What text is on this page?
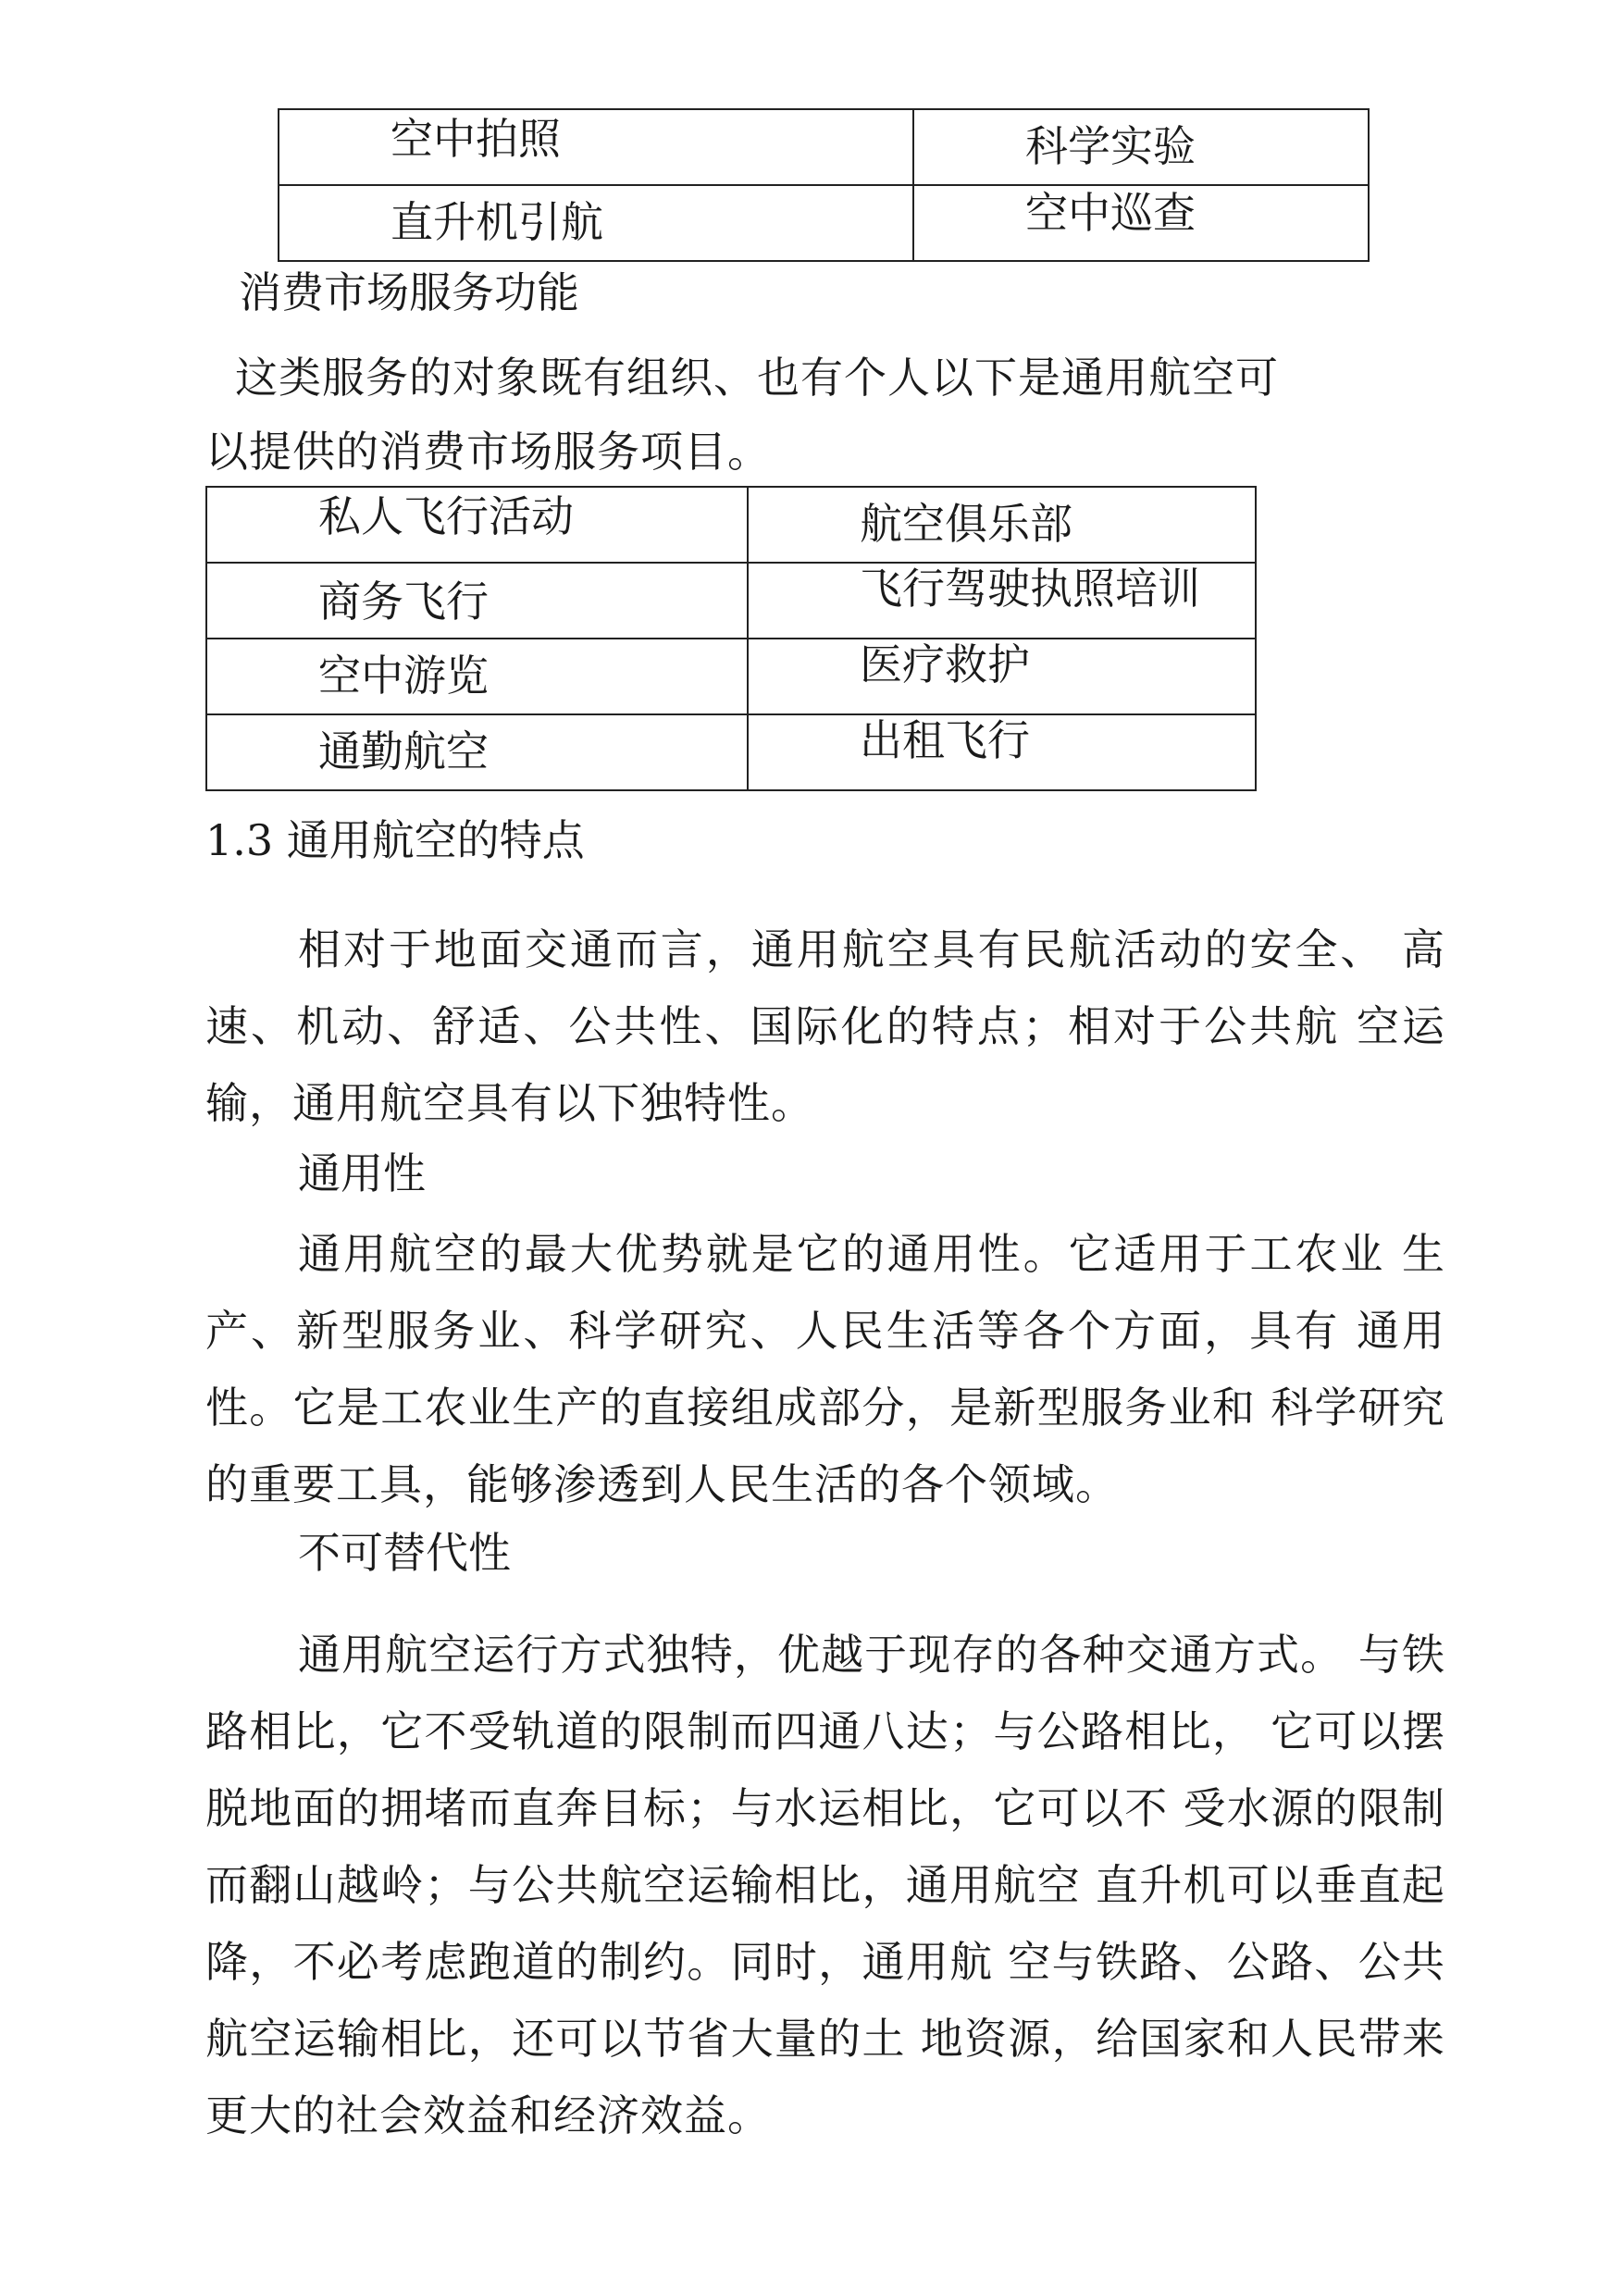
空中拍照	科学实验

直升机引航	空中巡查
消费市场服务功能
这类服务的对象既有组织、也有个人以下是通用航空可
以提供的消费市场服务项目。
私人飞行活动	航空俱乐部

商务飞行	飞行驾驶执照培训

空中游览	医疗救护

通勤航空	出租飞行
1.3 通用航空的特点
相对于地面交通而言，通用航空具有民航活动的安全、 高速、机动、舒适、公共性、国际化的特点；相对于公共航 空运输，通用航空具有以下独特性。
通用性
通用航空的最大优势就是它的通用性。它适用于工农业 生产、新型服务业、科学研究、人民生活等各个方面，具有 通用性。它是工农业生产的直接组成部分，是新型服务业和 科学研究的重要工具，能够渗透到人民生活的各个领域。
不可替代性
通用航空运行方式独特，优越于现存的各种交通方式。 与铁路相比，它不受轨道的限制而四通八达；与公路相比， 它可以摆脱地面的拥堵而直奔目标；与水运相比，它可以不 受水源的限制而翻山越岭；与公共航空运输相比，通用航空 直升机可以垂直起降，不必考虑跑道的制约。同时，通用航 空与铁路、公路、公共航空运输相比，还可以节省大量的土 地资源，给国家和人民带来更大的社会效益和经济效益。
